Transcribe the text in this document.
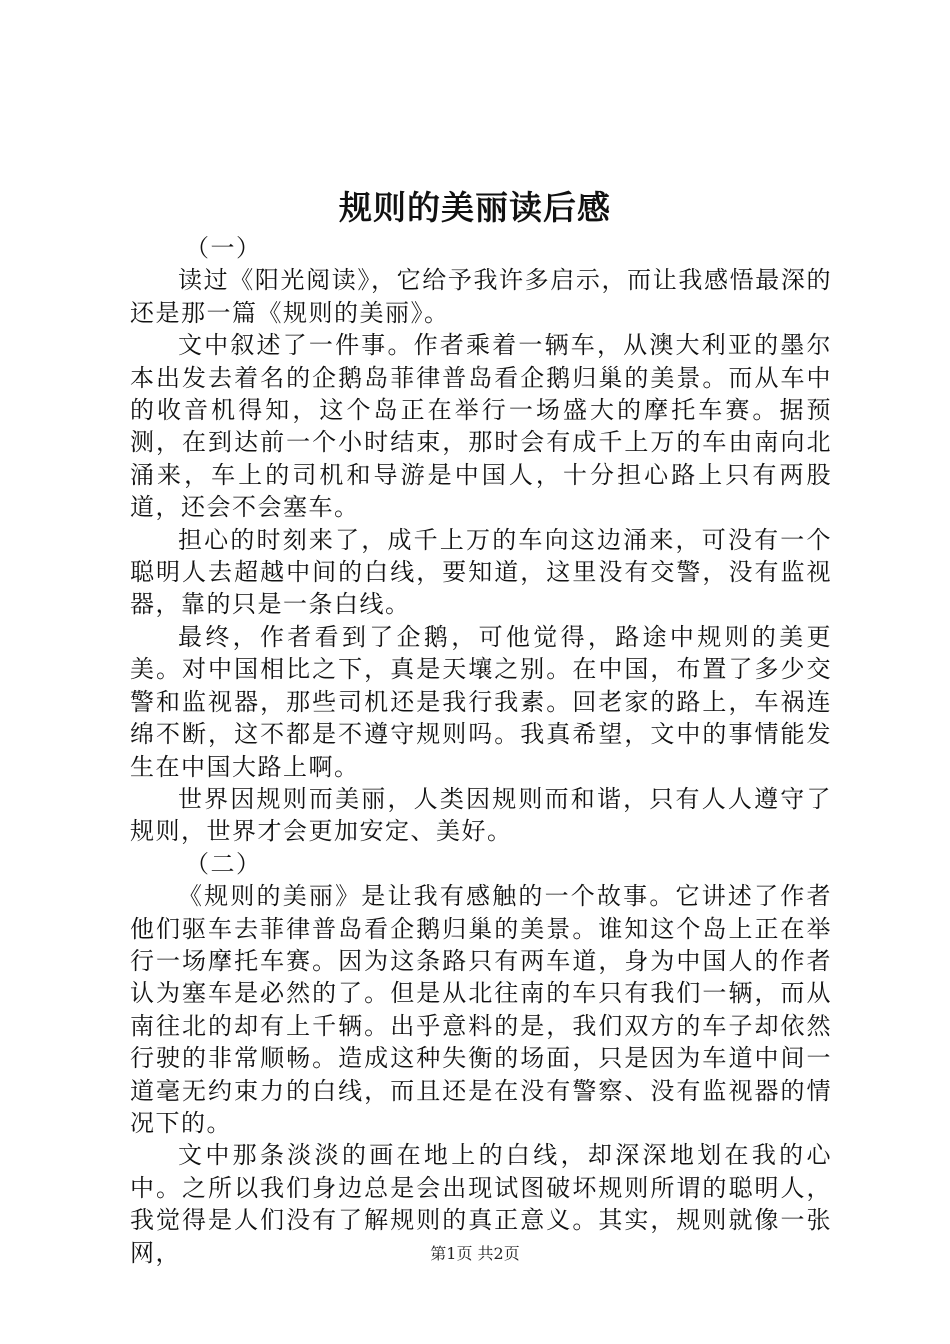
规则的美丽读后感

（一）

读过《阳光阅读》，它给予我许多启示，而让我感悟最深的还是那一篇《规则的美丽》。

文中叙述了一件事。作者乘着一辆车，从澳大利亚的墨尔本出发去着名的企鹅岛菲律普岛看企鹅归巢的美景。而从车中的收音机得知，这个岛正在举行一场盛大的摩托车赛。据预测，在到达前一个小时结束，那时会有成千上万的车由南向北涌来，车上的司机和导游是中国人，十分担心路上只有两股道，还会不会塞车。

担心的时刻来了，成千上万的车向这边涌来，可没有一个聪明人去超越中间的白线，要知道，这里没有交警，没有监视器，靠的只是一条白线。

最终，作者看到了企鹅，可他觉得，路途中规则的美更美。对中国相比之下，真是天壤之别。在中国，布置了多少交警和监视器，那些司机还是我行我素。回老家的路上，车祸连绵不断，这不都是不遵守规则吗。我真希望，文中的事情能发生在中国大路上啊。

世界因规则而美丽，人类因规则而和谐，只有人人遵守了规则，世界才会更加安定、美好。

（二）

《规则的美丽》是让我有感触的一个故事。它讲述了作者他们驱车去菲律普岛看企鹅归巢的美景。谁知这个岛上正在举行一场摩托车赛。因为这条路只有两车道，身为中国人的作者认为塞车是必然的了。但是从北往南的车只有我们一辆，而从南往北的却有上千辆。出乎意料的是，我们双方的车子却依然行驶的非常顺畅。造成这种失衡的场面，只是因为车道中间一道毫无约束力的白线，而且还是在没有警察、没有监视器的情况下的。

文中那条淡淡的画在地上的白线，却深深地划在我的心中。之所以我们身边总是会出现试图破坏规则所谓的聪明人，我觉得是人们没有了解规则的真正意义。其实，规则就像一张网，	第1页 共2页
